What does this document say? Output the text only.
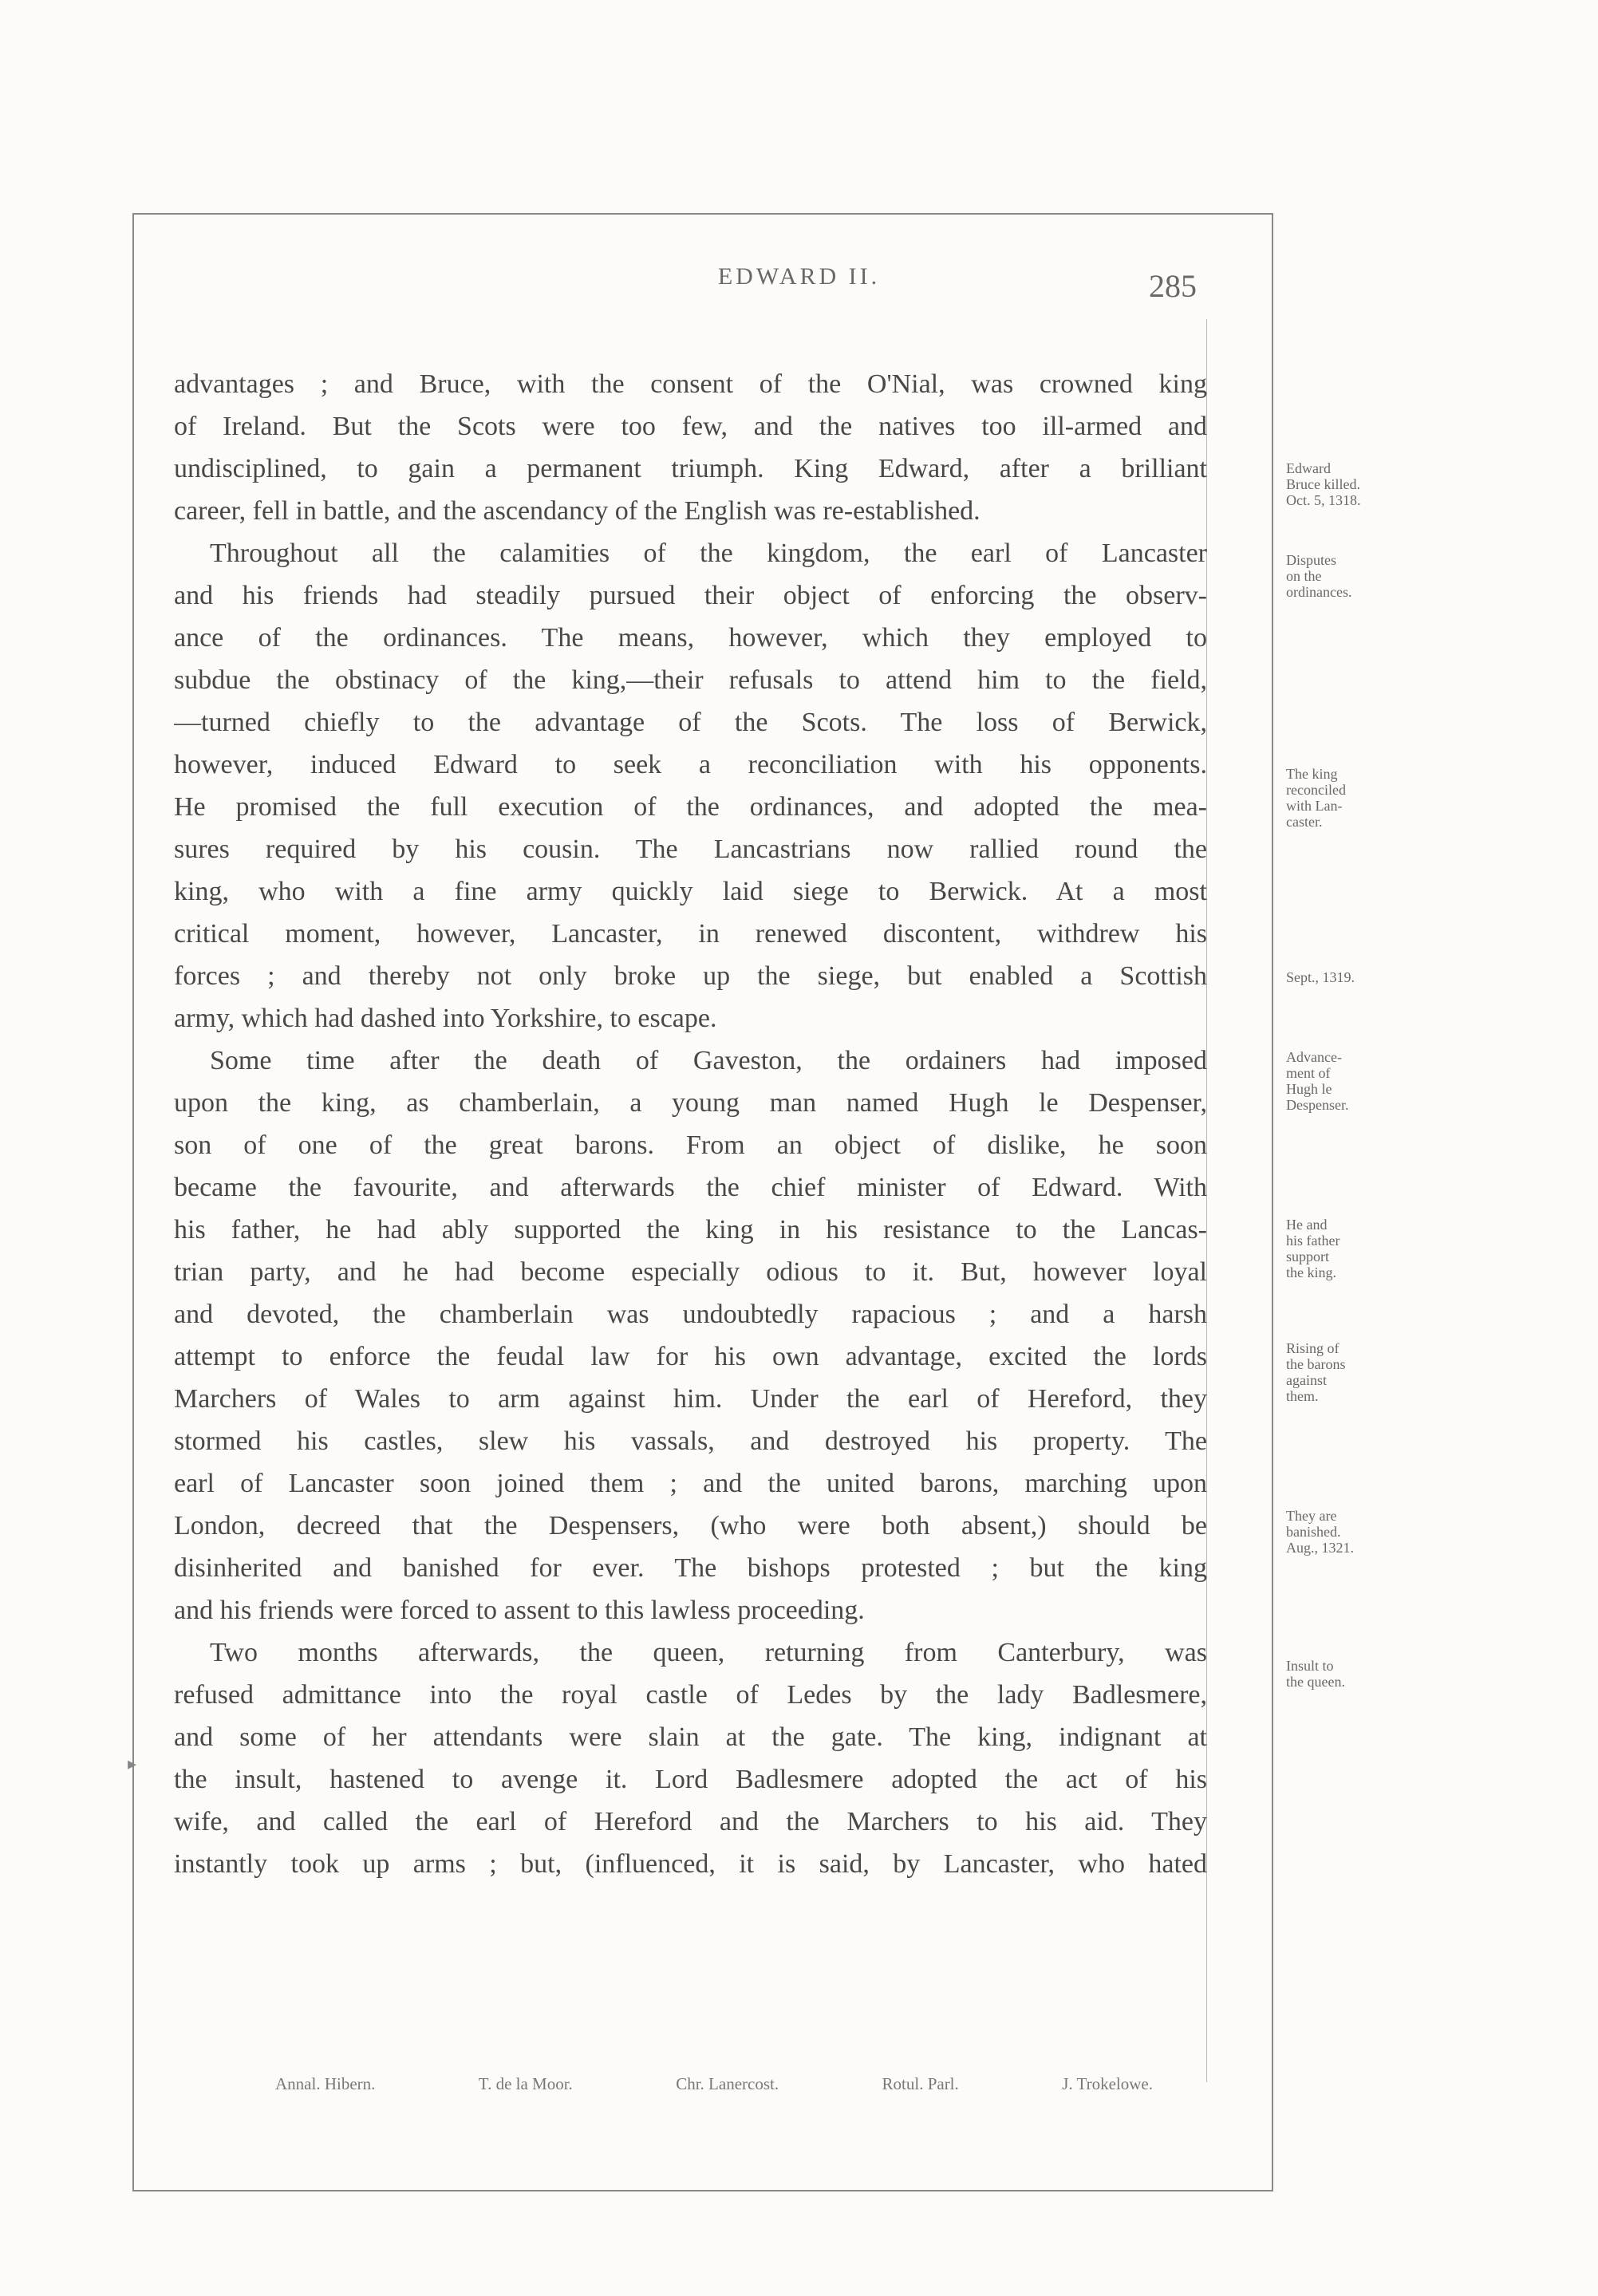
EDWARD II.	285
advantages ; and Bruce, with the consent of the O'Nial, was crowned king
of Ireland. But the Scots were too few, and the natives too ill-armed and
undisciplined, to gain a permanent triumph. King Edward, after a brilliant
career, fell in battle, and the ascendancy of the English was re-established.
Throughout all the calamities of the kingdom, the earl of Lancaster
and his friends had steadily pursued their object of enforcing the observ-
ance of the ordinances. The means, however, which they employed to
subdue the obstinacy of the king,—their refusals to attend him to the field,
—turned chiefly to the advantage of the Scots. The loss of Berwick,
however, induced Edward to seek a reconciliation with his opponents.
He promised the full execution of the ordinances, and adopted the mea-
sures required by his cousin. The Lancastrians now rallied round the
king, who with a fine army quickly laid siege to Berwick. At a most
critical moment, however, Lancaster, in renewed discontent, withdrew his
forces ; and thereby not only broke up the siege, but enabled a Scottish
army, which had dashed into Yorkshire, to escape.
Some time after the death of Gaveston, the ordainers had imposed
upon the king, as chamberlain, a young man named Hugh le Despenser,
son of one of the great barons. From an object of dislike, he soon
became the favourite, and afterwards the chief minister of Edward. With
his father, he had ably supported the king in his resistance to the Lancas-
trian party, and he had become especially odious to it. But, however loyal
and devoted, the chamberlain was undoubtedly rapacious ; and a harsh
attempt to enforce the feudal law for his own advantage, excited the lords
Marchers of Wales to arm against him. Under the earl of Hereford, they
stormed his castles, slew his vassals, and destroyed his property. The
earl of Lancaster soon joined them ; and the united barons, marching upon
London, decreed that the Despensers, (who were both absent,) should be
disinherited and banished for ever. The bishops protested ; but the king
and his friends were forced to assent to this lawless proceeding.
Two months afterwards, the queen, returning from Canterbury, was
refused admittance into the royal castle of Ledes by the lady Badlesmere,
and some of her attendants were slain at the gate. The king, indignant at
the insult, hastened to avenge it. Lord Badlesmere adopted the act of his
wife, and called the earl of Hereford and the Marchers to his aid. They
instantly took up arms ; but, (influenced, it is said, by Lancaster, who hated
Edward
Bruce killed.
Oct. 5, 1318.
Disputes
on the
ordinances.
The king
reconciled
with Lan-
caster.
Sept., 1319.
Advance-
ment of
Hugh le
Despenser.
He and
his father
support
the king.
Rising of
the barons
against
them.
They are
banished.
Aug., 1321.
Insult to
the queen.
▸
Annal. Hibern.	T. de la Moor.	Chr. Lanercost.	Rotul. Parl.	J. Trokelowe.
